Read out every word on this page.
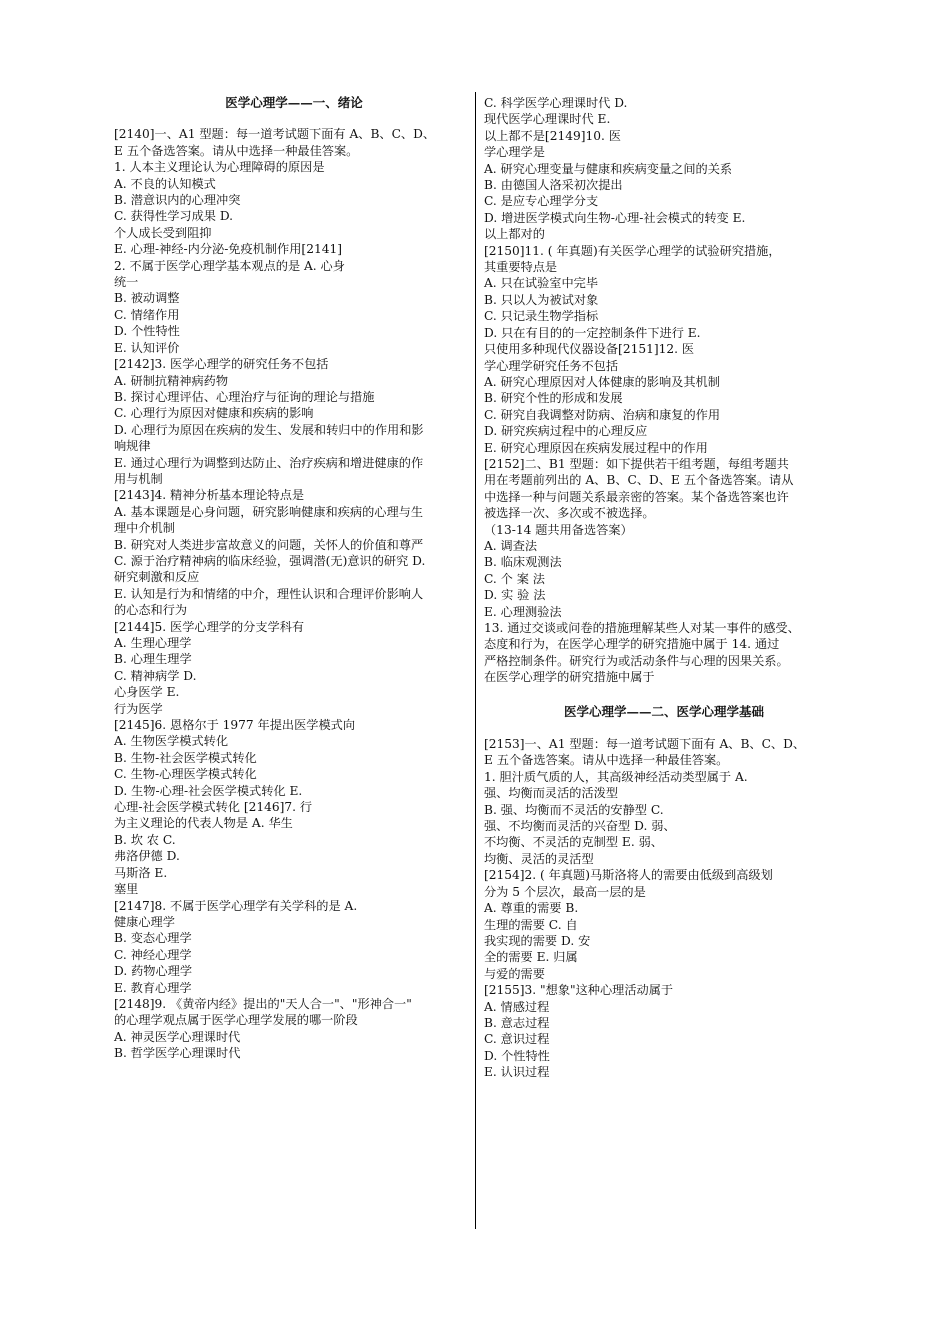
医学心理学——一、绪论

[2140]一、A1 型题：每一道考试题下面有 A、B、C、D、

E 五个备选答案。请从中选择一种最佳答案。

1. 人本主义理论认为心理障碍的原因是

A. 不良的认知模式

B. 潜意识内的心理冲突

C. 获得性学习成果 D.

个人成长受到阻抑

E. 心理-神经-内分泌-免疫机制作用[2141]

2. 不属于医学心理学基本观点的是 A. 心身

统一

B. 被动调整

C. 情绪作用

D. 个性特性

E. 认知评价

[2142]3. 医学心理学的研究任务不包括

A. 研制抗精神病药物

B. 探讨心理评估、心理治疗与征询的理论与措施

C. 心理行为原因对健康和疾病的影响

D. 心理行为原因在疾病的发生、发展和转归中的作用和影

响规律

E. 通过心理行为调整到达防止、治疗疾病和增进健康的作

用与机制

[2143]4. 精神分析基本理论特点是

A. 基本课题是心身问题，研究影响健康和疾病的心理与生

理中介机制

B. 研究对人类进步富故意义的问题，关怀人的价值和尊严

C. 源于治疗精神病的临床经验，强调潜(无)意识的研究 D.

研究刺激和反应

E. 认知是行为和情绪的中介，理性认识和合理评价影响人

的心态和行为

[2144]5. 医学心理学的分支学科有

A. 生理心理学

B. 心理生理学

C. 精神病学 D.

心身医学 E.

行为医学

[2145]6. 恩格尔于 1977 年提出医学模式向

A. 生物医学模式转化

B. 生物-社会医学模式转化

C. 生物-心理医学模式转化

D. 生物-心理-社会医学模式转化 E.

心理-社会医学模式转化 [2146]7. 行

为主义理论的代表人物是 A. 华生

B. 坎 农 C.

弗洛伊德 D.

马斯洛 E.

塞里

[2147]8. 不属于医学心理学有关学科的是 A.

健康心理学

B. 变态心理学

C. 神经心理学

D. 药物心理学

E. 教育心理学

[2148]9. 《黄帝内经》提出的"天人合一"、"形神合一"

的心理学观点属于医学心理学发展的哪一阶段

A. 神灵医学心理课时代

B. 哲学医学心理课时代

C. 科学医学心理课时代 D.

现代医学心理课时代 E.

以上都不是[2149]10. 医

学心理学是

A. 研究心理变量与健康和疾病变量之间的关系

B. 由德国人洛采初次提出

C. 是应专心理学分支

D. 增进医学模式向生物-心理-社会模式的转变 E.

以上都对的

[2150]11. ( 年真题)有关医学心理学的试验研究措施，

其重要特点是

A. 只在试验室中完毕

B. 只以人为被试对象

C. 只记录生物学指标

D. 只在有目的的一定控制条件下进行 E.

只使用多种现代仪器设备[2151]12. 医

学心理学研究任务不包括

A. 研究心理原因对人体健康的影响及其机制

B. 研究个性的形成和发展

C. 研究自我调整对防病、治病和康复的作用

D. 研究疾病过程中的心理反应

E. 研究心理原因在疾病发展过程中的作用

[2152]二、B1 型题：如下提供若干组考题，每组考题共

用在考题前列出的 A、B、C、D、E 五个备选答案。请从

中选择一种与问题关系最亲密的答案。某个备选答案也许

被选择一次、多次或不被选择。

（13-14 题共用备选答案）

A. 调查法

B. 临床观测法

C. 个 案 法

D. 实 验 法

E. 心理测验法

13. 通过交谈或问卷的措施理解某些人对某一事件的感受、

态度和行为，在医学心理学的研究措施中属于 14. 通过

严格控制条件。研究行为或活动条件与心理的因果关系。

在医学心理学的研究措施中属于

医学心理学——二、医学心理学基础

[2153]一、A1 型题：每一道考试题下面有 A、B、C、D、

E 五个备选答案。请从中选择一种最佳答案。

1. 胆汁质气质的人，其高级神经活动类型属于 A.

强、均衡而灵活的活泼型

B. 强、均衡而不灵活的安静型 C.

强、不均衡而灵活的兴奋型 D. 弱、

不均衡、不灵活的克制型 E. 弱、

均衡、灵活的灵活型

[2154]2. ( 年真题)马斯洛将人的需要由低级到高级划

分为 5 个层次，最高一层的是

A. 尊重的需要 B.

生理的需要 C. 自

我实现的需要 D. 安

全的需要 E. 归属

与爱的需要

[2155]3. "想象"这种心理活动属于

A. 情感过程

B. 意志过程

C. 意识过程

D. 个性特性

E. 认识过程
